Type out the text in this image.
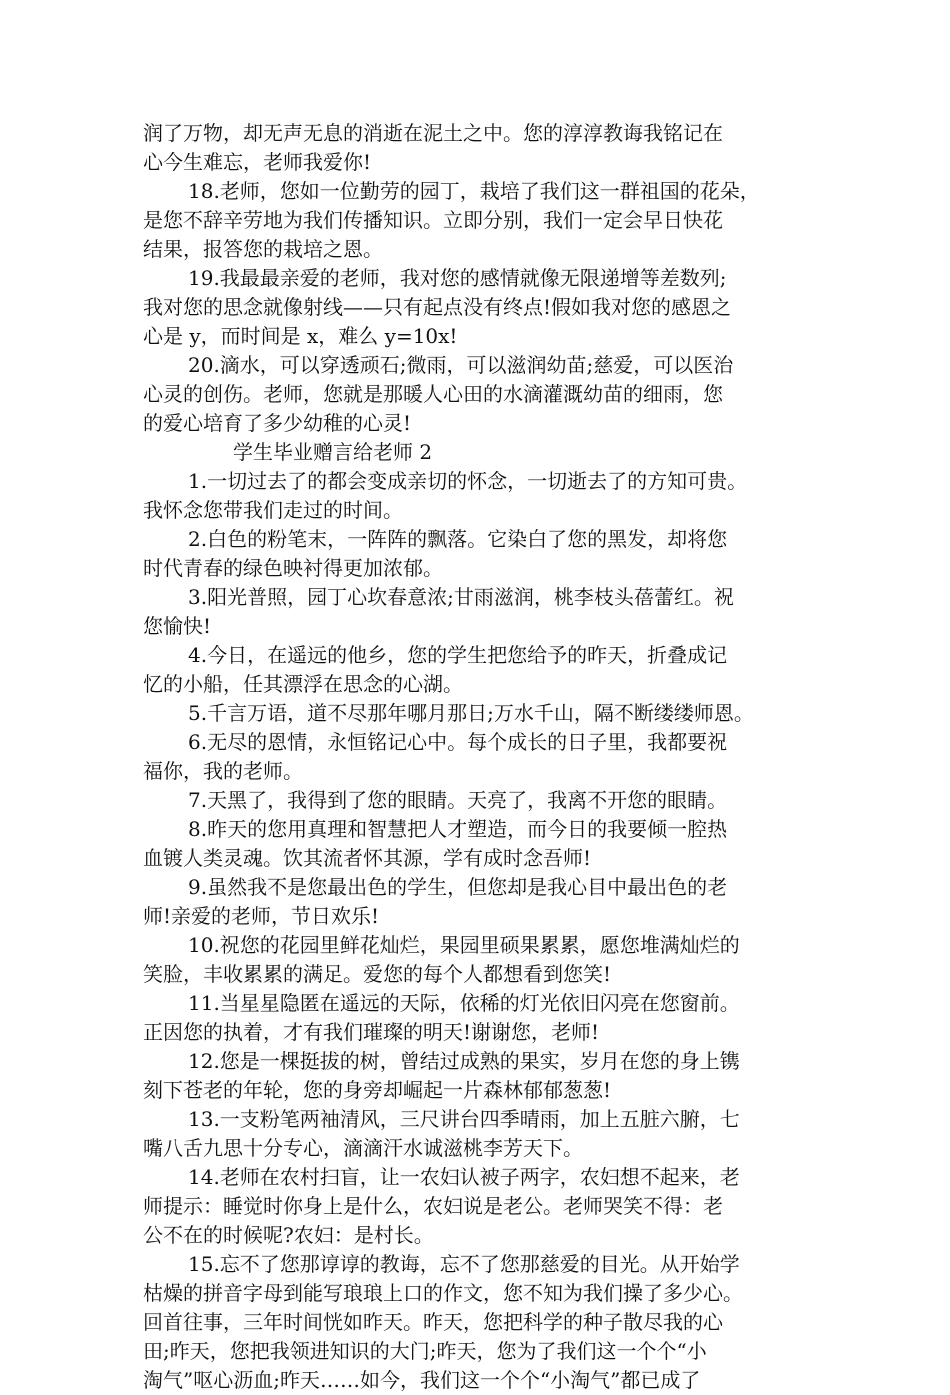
润了万物，却无声无息的消逝在泥土之中。您的淳淳教诲我铭记在
心今生难忘，老师我爱你!
18.老师，您如一位勤劳的园丁，栽培了我们这一群祖国的花朵，
是您不辞辛劳地为我们传播知识。立即分别，我们一定会早日快花
结果，报答您的栽培之恩。
19.我最最亲爱的老师，我对您的感情就像无限递增等差数列;
我对您的思念就像射线——只有起点没有终点!假如我对您的感恩之
心是 y，而时间是 x，难么 y=10x!
20.滴水，可以穿透顽石;微雨，可以滋润幼苗;慈爱，可以医治
心灵的创伤。老师，您就是那暖人心田的水滴灌溉幼苗的细雨，您
的爱心培育了多少幼稚的心灵!
学生毕业赠言给老师 2
1.一切过去了的都会变成亲切的怀念，一切逝去了的方知可贵。
我怀念您带我们走过的时间。
2.白色的粉笔末，一阵阵的飘落。它染白了您的黑发，却将您
时代青春的绿色映衬得更加浓郁。
3.阳光普照，园丁心坎春意浓;甘雨滋润，桃李枝头蓓蕾红。祝
您愉快!
4.今日，在遥远的他乡，您的学生把您给予的昨天，折叠成记
忆的小船，任其漂浮在思念的心湖。
5.千言万语，道不尽那年哪月那日;万水千山，隔不断缕缕师恩。
6.无尽的恩情，永恒铭记心中。每个成长的日子里，我都要祝
福你，我的老师。
7.天黑了，我得到了您的眼睛。天亮了，我离不开您的眼睛。
8.昨天的您用真理和智慧把人才塑造，而今日的我要倾一腔热
血镀人类灵魂。饮其流者怀其源，学有成时念吾师!
9.虽然我不是您最出色的学生，但您却是我心目中最出色的老
师!亲爱的老师，节日欢乐!
10.祝您的花园里鲜花灿烂，果园里硕果累累，愿您堆满灿烂的
笑脸，丰收累累的满足。爱您的每个人都想看到您笑!
11.当星星隐匿在遥远的天际，依稀的灯光依旧闪亮在您窗前。
正因您的执着，才有我们璀璨的明天!谢谢您，老师!
12.您是一棵挺拔的树，曾结过成熟的果实，岁月在您的身上镌
刻下苍老的年轮，您的身旁却崛起一片森林郁郁葱葱!
13.一支粉笔两袖清风，三尺讲台四季晴雨，加上五脏六腑，七
嘴八舌九思十分专心，滴滴汗水诚滋桃李芳天下。
14.老师在农村扫盲，让一农妇认被子两字，农妇想不起来，老
师提示：睡觉时你身上是什么，农妇说是老公。老师哭笑不得：老
公不在的时候呢?农妇：是村长。
15.忘不了您那谆谆的教诲，忘不了您那慈爱的目光。从开始学
枯燥的拼音字母到能写琅琅上口的作文，您不知为我们操了多少心。
回首往事，三年时间恍如昨天。昨天，您把科学的种子散尽我的心
田;昨天，您把我领进知识的大门;昨天，您为了我们这一个个“小
淘气”呕心沥血;昨天……如今，我们这一个个“小淘气”都已成了
